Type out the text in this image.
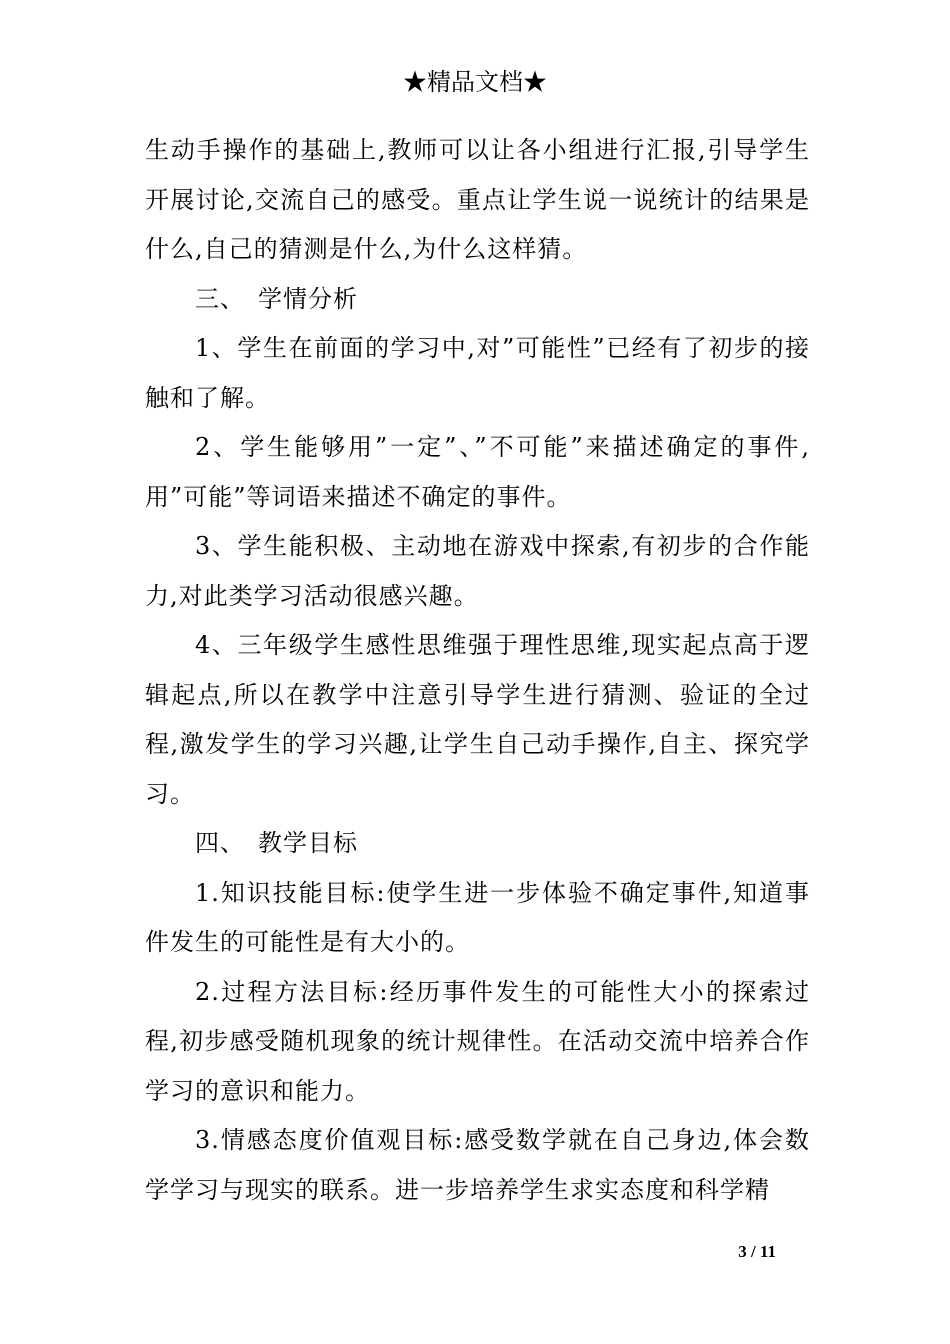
★精品文档★

生动手操作的基础上,教师可以让各小组进行汇报,引导学生开展讨论,交流自己的感受。重点让学生说一说统计的结果是什么,自己的猜测是什么,为什么这样猜。

三、　学情分析

1、学生在前面的学习中,对”可能性”已经有了初步的接触和了解。

2、学生能够用”一定”、”不可能”来描述确定的事件,用”可能”等词语来描述不确定的事件。

3、学生能积极、主动地在游戏中探索,有初步的合作能力,对此类学习活动很感兴趣。

4、三年级学生感性思维强于理性思维,现实起点高于逻辑起点,所以在教学中注意引导学生进行猜测、验证的全过程,激发学生的学习兴趣,让学生自己动手操作,自主、探究学习。

四、　教学目标

1.知识技能目标:使学生进一步体验不确定事件,知道事件发生的可能性是有大小的。

2.过程方法目标:经历事件发生的可能性大小的探索过程,初步感受随机现象的统计规律性。在活动交流中培养合作学习的意识和能力。

3.情感态度价值观目标:感受数学就在自己身边,体会数学学习与现实的联系。进一步培养学生求实态度和科学精

3 / 11
